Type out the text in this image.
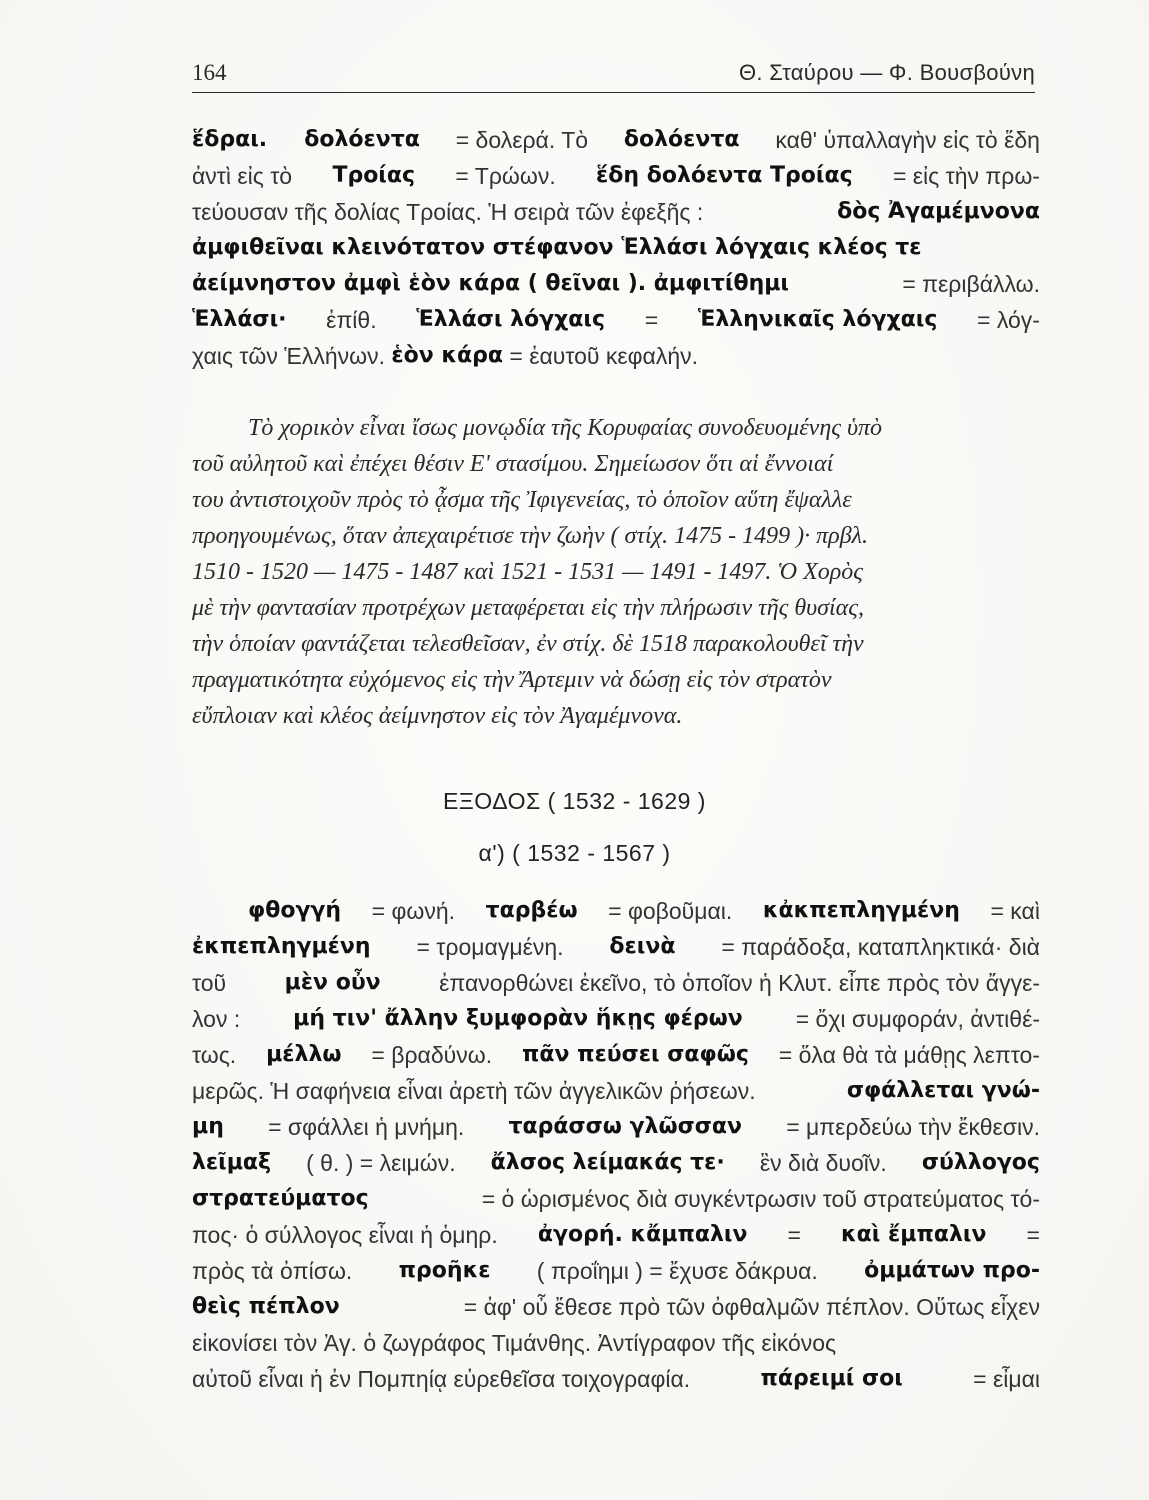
164	Θ. Σταύρου — Φ. Βουσβούνη
ἕδραι. δολόεντα = δολερά. Τὸ δολόεντα καθ' ὑπαλλαγὴν εἰς τὸ ἕδη
ἀντὶ εἰς τὸ Τροίας = Τρώων. ἕδη δολόεντα Τροίας = εἰς τὴν πρω-
τεύουσαν τῆς δολίας Τροίας. Ἡ σειρὰ τῶν ἐφεξῆς :	δὸς Ἀγαμέμνονα
ἀμφιθεῖναι κλεινότατον στέφανον Ἑλλάσι λόγχαις κλέος τε
ἀείμνηστον ἀμφὶ ἑὸν κάρα ( θεῖναι ). ἀμφιτίθημι	= περιβάλλω.
Ἑλλάσι· ἐπίθ. Ἑλλάσι λόγχαις = Ἑλληνικαῖς λόγχαις = λόγ-
χαις τῶν Ἑλλήνων. ἑὸν κάρα = ἑαυτοῦ κεφαλήν.
Τὸ χορικὸν εἶναι ἴσως μονῳδία τῆς Κορυφαίας συνοδευομένης ὑπὸ
τοῦ αὐλητοῦ καὶ ἐπέχει θέσιν Ε' στασίμου. Σημείωσον ὅτι αἱ ἔννοιαί
του ἀντιστοιχοῦν πρὸς τὸ ᾆσμα τῆς Ἰφιγενείας, τὸ ὁποῖον αὕτη ἔψαλλε
προηγουμένως, ὅταν ἀπεχαιρέτισε τὴν ζωὴν ( στίχ. 1475 - 1499 )· πρβλ.
1510 - 1520 — 1475 - 1487 καὶ 1521 - 1531 — 1491 - 1497. Ὁ Χορὸς
μὲ τὴν φαντασίαν προτρέχων μεταφέρεται εἰς τὴν πλήρωσιν τῆς θυσίας,
τὴν ὁποίαν φαντάζεται τελεσθεῖσαν, ἐν στίχ. δὲ 1518 παρακολουθεῖ τὴν
πραγματικότητα εὐχόμενος εἰς τὴν Ἄρτεμιν νὰ δώσῃ εἰς τὸν στρατὸν
εὔπλοιαν καὶ κλέος ἀείμνηστον εἰς τὸν Ἀγαμέμνονα.
ΕΞΟΔΟΣ ( 1532 - 1629 )
α') ( 1532 - 1567 )
φθογγή = φωνή. ταρβέω = φοβοῦμαι. κἀκπεπληγμένη = καὶ
ἐκπεπληγμένη = τρομαγμένη. δεινὰ = παράδοξα, καταπληκτικά· διὰ
τοῦ μὲν οὖν ἐπανορθώνει ἐκεῖνο, τὸ ὁποῖον ἡ Κλυτ. εἶπε πρὸς τὸν ἄγγε-
λον : μή τιν' ἄλλην ξυμφορὰν ἥκῃς φέρων = ὄχι συμφοράν, ἀντιθέ-
τως. μέλλω = βραδύνω. πᾶν πεύσει σαφῶς = ὅλα θὰ τὰ μάθῃς λεπτο-
μερῶς. Ἡ σαφήνεια εἶναι ἀρετὴ τῶν ἀγγελικῶν ῥήσεων.	σφάλλεται γνώ-
μη = σφάλλει ἡ μνήμη. ταράσσω γλῶσσαν = μπερδεύω τὴν ἔκθεσιν.
λεῖμαξ ( θ. ) = λειμών. ἄλσος λείμακάς τε· ἓν διὰ δυοῖν. σύλλογος
στρατεύματος	= ὁ ὡρισμένος διὰ συγκέντρωσιν τοῦ στρατεύματος τό-
πος· ὁ σύλλογος εἶναι ἡ ὁμηρ. ἀγορή. κἄμπαλιν = καὶ ἔμπαλιν =
πρὸς τὰ ὀπίσω. προῆκε ( προΐημι ) = ἔχυσε δάκρυα. ὀμμάτων προ-
θεὶς πέπλον	= ἀφ' οὗ ἔθεσε πρὸ τῶν ὀφθαλμῶν πέπλον. Οὕτως εἶχεν
εἰκονίσει τὸν Ἀγ. ὁ ζωγράφος Τιμάνθης. Ἀντίγραφον τῆς εἰκόνος
αὐτοῦ εἶναι ἡ ἐν Πομπηίᾳ εὑρεθεῖσα τοιχογραφία.	πάρειμί σοι	= εἶμαι
